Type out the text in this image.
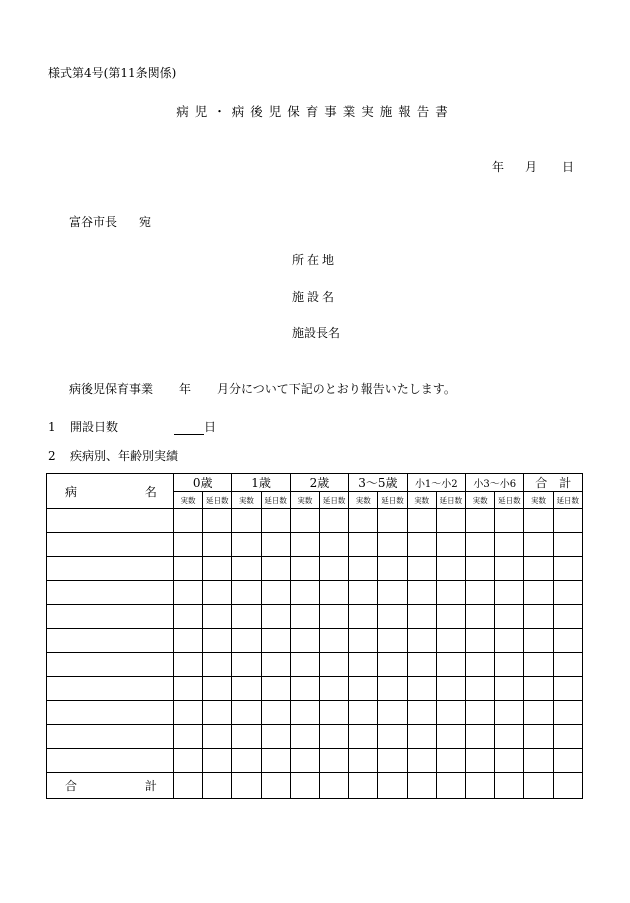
様式第4号(第11条関係)
病児・病後児保育事業実施報告書
年 月 日
富谷市長 宛
所在地
施設名
施設長名
病後児保育事業 年 月分について下記のとおり報告いたします。
1 開設日数	日
2 疾病別、年齢別実績
病 名	0歳		1歳		2歳		3～5歳		小1～小2		小3～小6		合　計	
	実数	延日数	実数	延日数	実数	延日数	実数	延日数	実数	延日数	実数	延日数	実数	延日数

合 計														
